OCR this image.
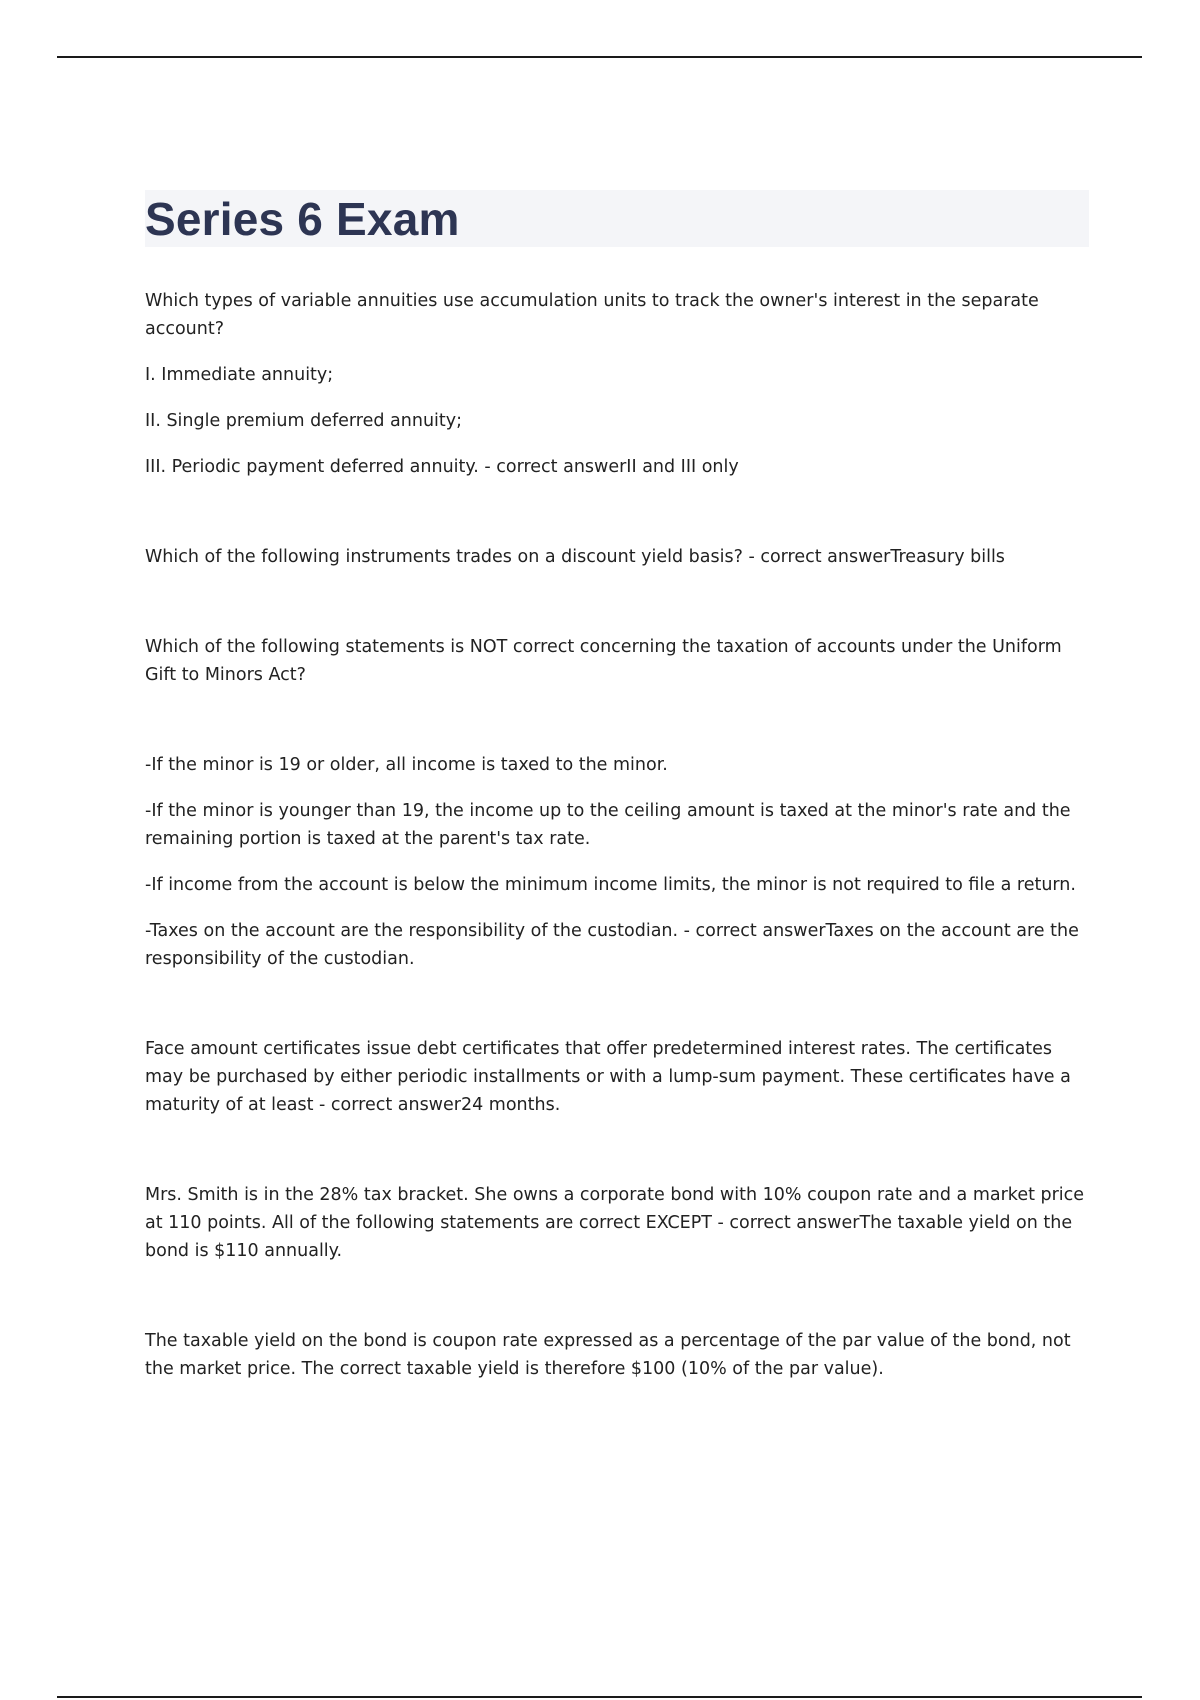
Series 6 Exam

Which types of variable annuities use accumulation units to track the owner's interest in the separate account?

I. Immediate annuity;

II. Single premium deferred annuity;

III. Periodic payment deferred annuity. - correct answerII and III only

Which of the following instruments trades on a discount yield basis? - correct answerTreasury bills

Which of the following statements is NOT correct concerning the taxation of accounts under the Uniform Gift to Minors Act?

-If the minor is 19 or older, all income is taxed to the minor.

-If the minor is younger than 19, the income up to the ceiling amount is taxed at the minor's rate and the remaining portion is taxed at the parent's tax rate.

-If income from the account is below the minimum income limits, the minor is not required to file a return.

-Taxes on the account are the responsibility of the custodian. - correct answerTaxes on the account are the responsibility of the custodian.

Face amount certificates issue debt certificates that offer predetermined interest rates. The certificates may be purchased by either periodic installments or with a lump-sum payment. These certificates have a maturity of at least - correct answer24 months.

Mrs. Smith is in the 28% tax bracket. She owns a corporate bond with 10% coupon rate and a market price at 110 points. All of the following statements are correct EXCEPT - correct answerThe taxable yield on the bond is $110 annually.

The taxable yield on the bond is coupon rate expressed as a percentage of the par value of the bond, not the market price. The correct taxable yield is therefore $100 (10% of the par value).
